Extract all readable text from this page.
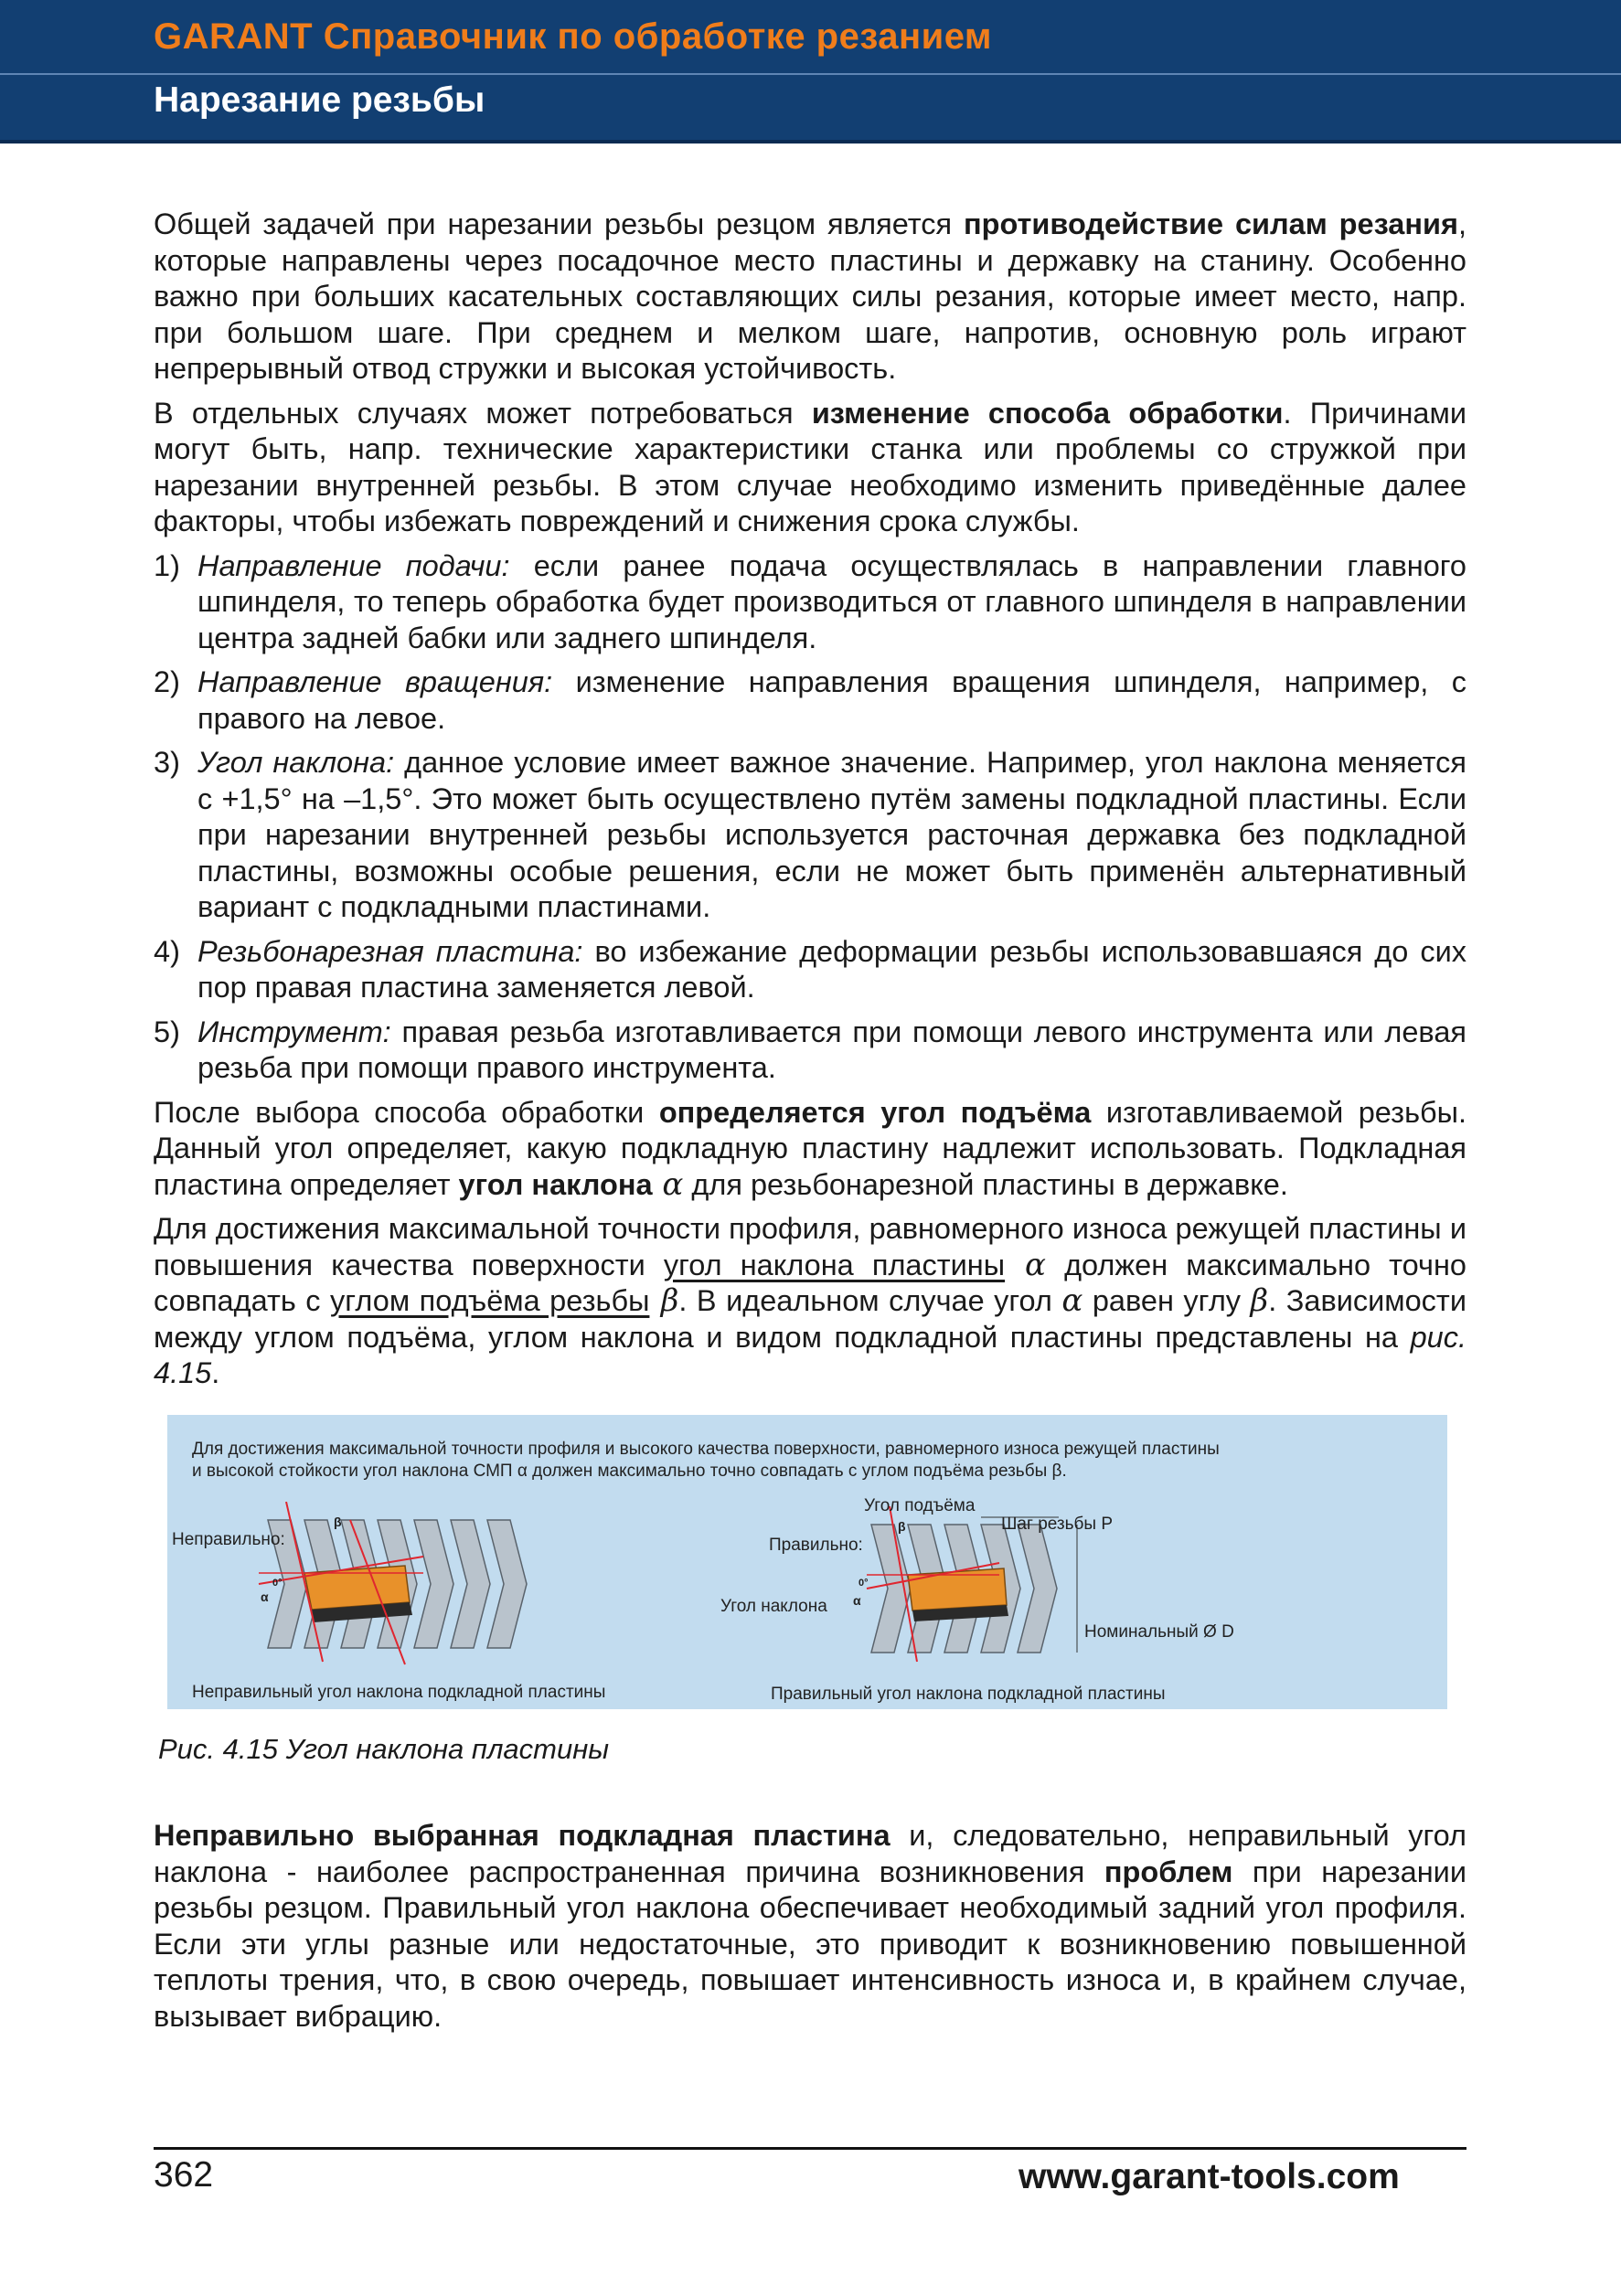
GARANT Справочник по обработке резанием
Нарезание резьбы

Общей задачей при нарезании резьбы резцом является противодействие силам резания, которые направлены через посадочное место пластины и державку на станину. Особенно важно при больших касательных составляющих силы резания, которые имеет место, напр. при большом шаге. При среднем и мелком шаге, напротив, основную роль играют непрерывный отвод стружки и высокая устойчивость.

В отдельных случаях может потребоваться изменение способа обработки. Причинами могут быть, напр. технические характеристики станка или проблемы со стружкой при нарезании внутренней резьбы. В этом случае необходимо изменить приведённые далее факторы, чтобы избежать повреждений и снижения срока службы.

1) Направление подачи: если ранее подача осуществлялась в направлении главного шпинделя, то теперь обработка будет производиться от главного шпинделя в направлении центра задней бабки или заднего шпинделя.
2) Направление вращения: изменение направления вращения шпинделя, например, с правого на левое.
3) Угол наклона: данное условие имеет важное значение. Например, угол наклона меняется с +1,5° на –1,5°. Это может быть осуществлено путём замены подкладной пластины. Если при нарезании внутренней резьбы используется расточная державка без подкладной пластины, возможны особые решения, если не может быть применён альтернативный вариант с подкладными пластинами.
4) Резьбонарезная пластина: во избежание деформации резьбы использовавшаяся до сих пор правая пластина заменяется левой.
5) Инструмент: правая резьба изготавливается при помощи левого инструмента или левая резьба при помощи правого инструмента.

После выбора способа обработки определяется угол подъёма изготавливаемой резьбы. Данный угол определяет, какую подкладную пластину надлежит использовать. Подкладная пластина определяет угол наклона α для резьбонарезной пластины в державке.

Для достижения максимальной точности профиля, равномерного износа режущей пластины и повышения качества поверхности угол наклона пластины α должен максимально точно совпадать с углом подъёма резьбы β. В идеальном случае угол α равен углу β. Зависимости между углом подъёма, углом наклона и видом подкладной пластины представлены на рис. 4.15.

Для достижения максимальной точности профиля и высокого качества поверхности, равномерного износа режущей пластины
и высокой стойкости угол наклона СМП α должен максимально точно совпадать с углом подъёма резьбы β.
Неправильно:
β
0°
α
Неправильный угол наклона подкладной пластины
Угол подъёма
β	Шаг резьбы P
Правильно:
Угол наклона
0°
α
Номинальный Ø D
Правильный угол наклона подкладной пластины
Рис. 4.15 Угол наклона пластины

Неправильно выбранная подкладная пластина и, следовательно, неправильный угол наклона - наиболее распространенная причина возникновения проблем при нарезании резьбы резцом. Правильный угол наклона обеспечивает необходимый задний угол профиля. Если эти углы разные или недостаточные, это приводит к возникновению повышенной теплоты трения, что, в свою очередь, повышает интенсивность износа и, в крайнем случае, вызывает вибрацию.

362	www.garant-tools.com
